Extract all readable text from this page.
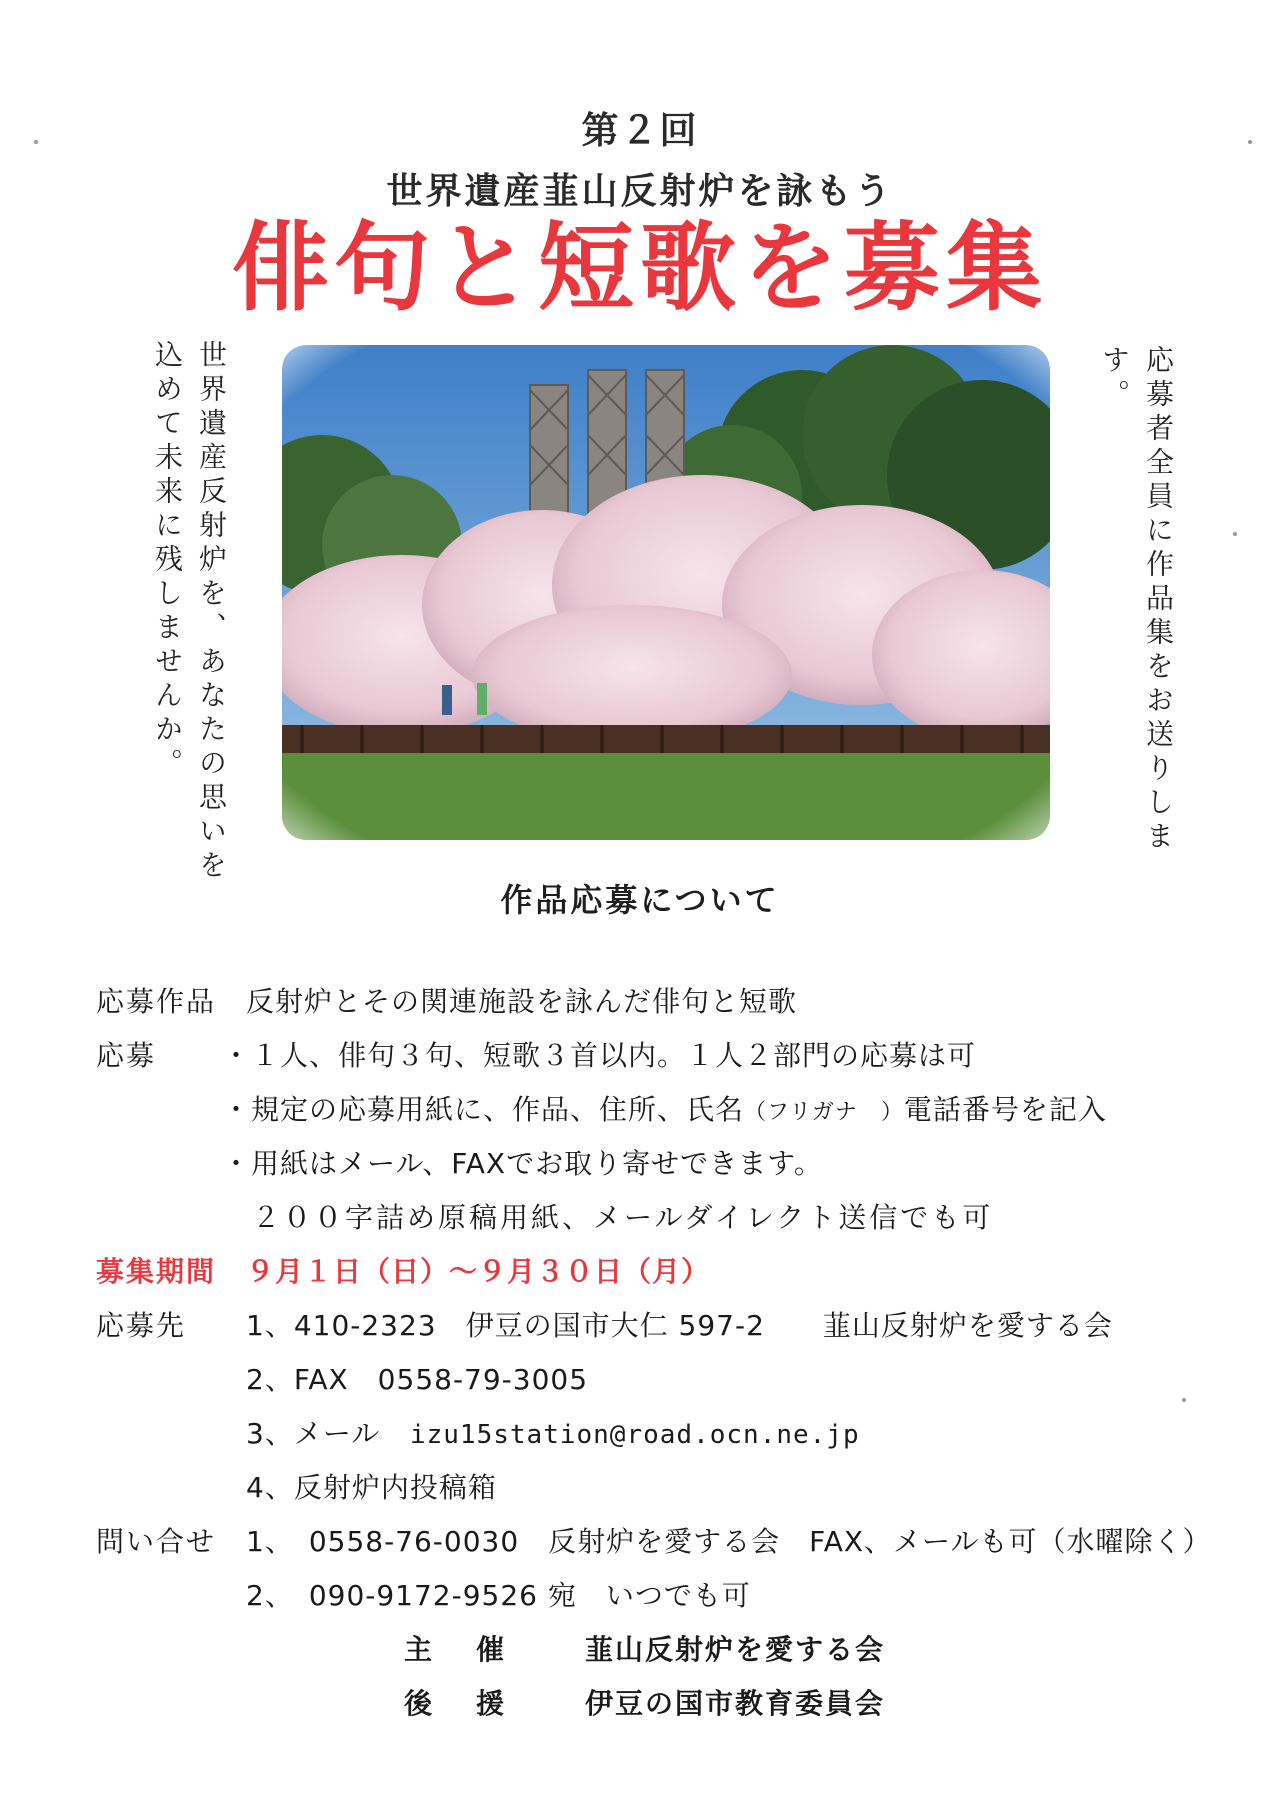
第２回
世界遺産韮山反射炉を詠もう
俳句と短歌を募集
世界遺産反射炉を、あなたの思いを込めて未来に残しませんか。	応募者全員に作品集をお送りします。
作品応募について
応募作品 反射炉とその関連施設を詠んだ俳句と短歌
応募 ・１人、俳句３句、短歌３首以内。１人２部門の応募は可
・規定の応募用紙に、作品、住所、氏名（フリガナ　）電話番号を記入
・用紙はメール、FAXでお取り寄せできます。
２００字詰め原稿用紙、メールダイレクト送信でも可
募集期間 ９月１日（日）～９月３０日（月）
応募先 1、410-2323　伊豆の国市大仁 597-2　　韮山反射炉を愛する会
2、FAX　0558-79-3005
3、メール izu15station@road.ocn.ne.jp
4、反射炉内投稿箱
問い合せ 1、　0558-76-0030　反射炉を愛する会　FAX、メールも可（水曜除く）
2、　090-9172-9526 宛　いつでも可
主催 韮山反射炉を愛する会
後援 伊豆の国市教育委員会
